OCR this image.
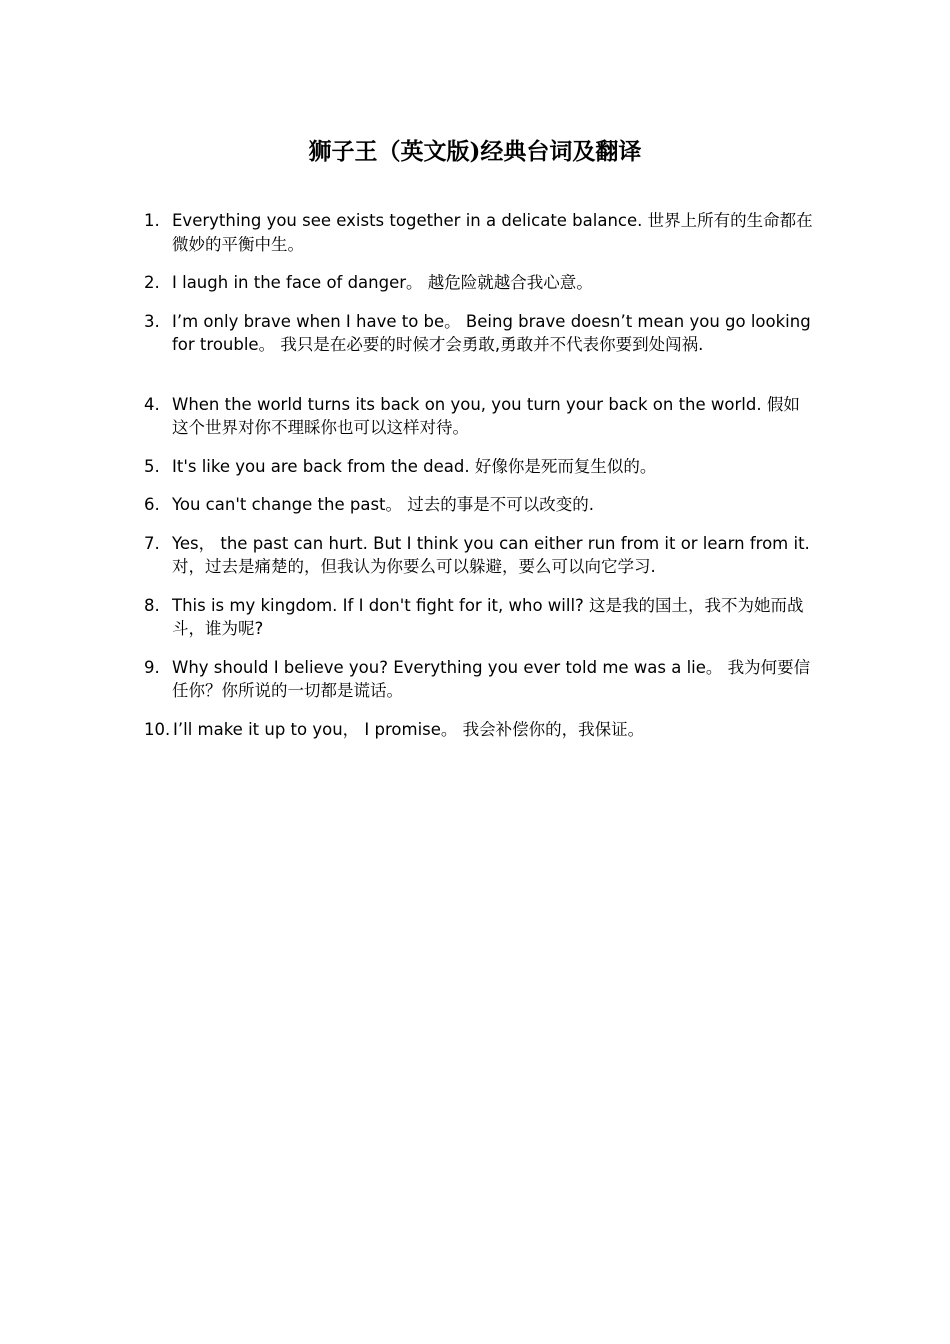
狮子王（英文版)经典台词及翻译
1. Everything you see exists together in a delicate balance. 世界上所有的生命都在微妙的平衡中生。
2. I laugh in the face of danger。 越危险就越合我心意。
3. I’m only brave when I have to be。 Being brave doesn’t mean you go looking for trouble。 我只是在必要的时候才会勇敢,勇敢并不代表你要到处闯祸.
4. When the world turns its back on you, you turn your back on the world. 假如这个世界对你不理睬你也可以这样对待。
5. It's like you are back from the dead. 好像你是死而复生似的。
6. You can't change the past。 过去的事是不可以改变的.
7. Yes， the past can hurt. But I think you can either run from it or learn from it. 对，过去是痛楚的，但我认为你要么可以躲避，要么可以向它学习.
8. This is my kingdom. If I don't fight for it, who will? 这是我的国土，我不为她而战斗，谁为呢?
9. Why should I believe you? Everything you ever told me was a lie。 我为何要信任你？你所说的一切都是谎话。
10. I’ll make it up to you， I promise。 我会补偿你的，我保证。
